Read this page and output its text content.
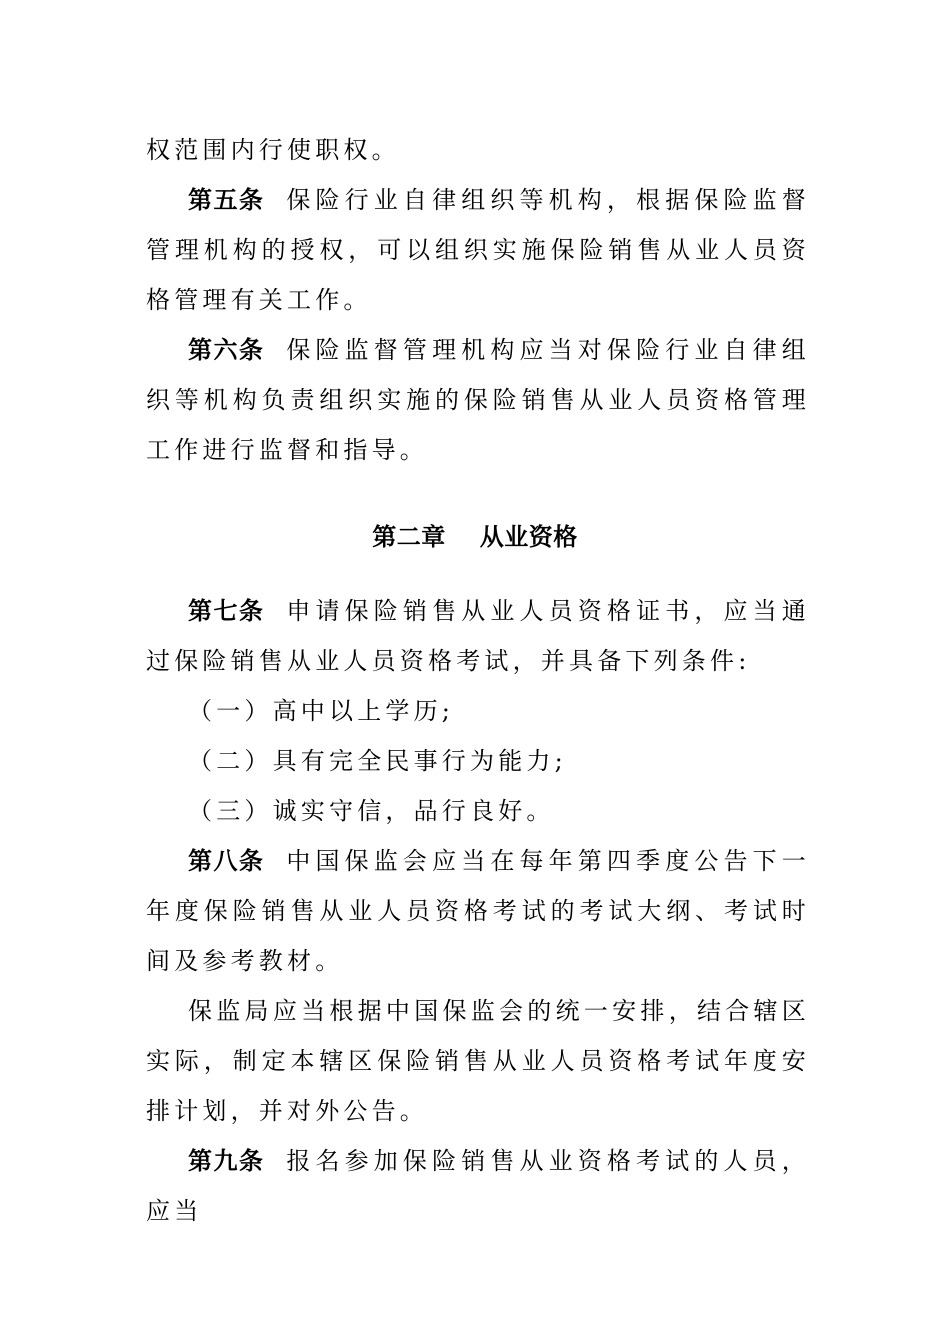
权范围内行使职权。

第五条 保险行业自律组织等机构，根据保险监督管理机构的授权，可以组织实施保险销售从业人员资格管理有关工作。

第六条 保险监督管理机构应当对保险行业自律组织等机构负责组织实施的保险销售从业人员资格管理工作进行监督和指导。

第二章 从业资格

第七条 申请保险销售从业人员资格证书，应当通过保险销售从业人员资格考试，并具备下列条件:

（一）高中以上学历;

（二）具有完全民事行为能力;

（三）诚实守信，品行良好。

第八条 中国保监会应当在每年第四季度公告下一年度保险销售从业人员资格考试的考试大纲、考试时间及参考教材。

保监局应当根据中国保监会的统一安排，结合辖区实际，制定本辖区保险销售从业人员资格考试年度安排计划，并对外公告。

第九条 报名参加保险销售从业资格考试的人员，应当
